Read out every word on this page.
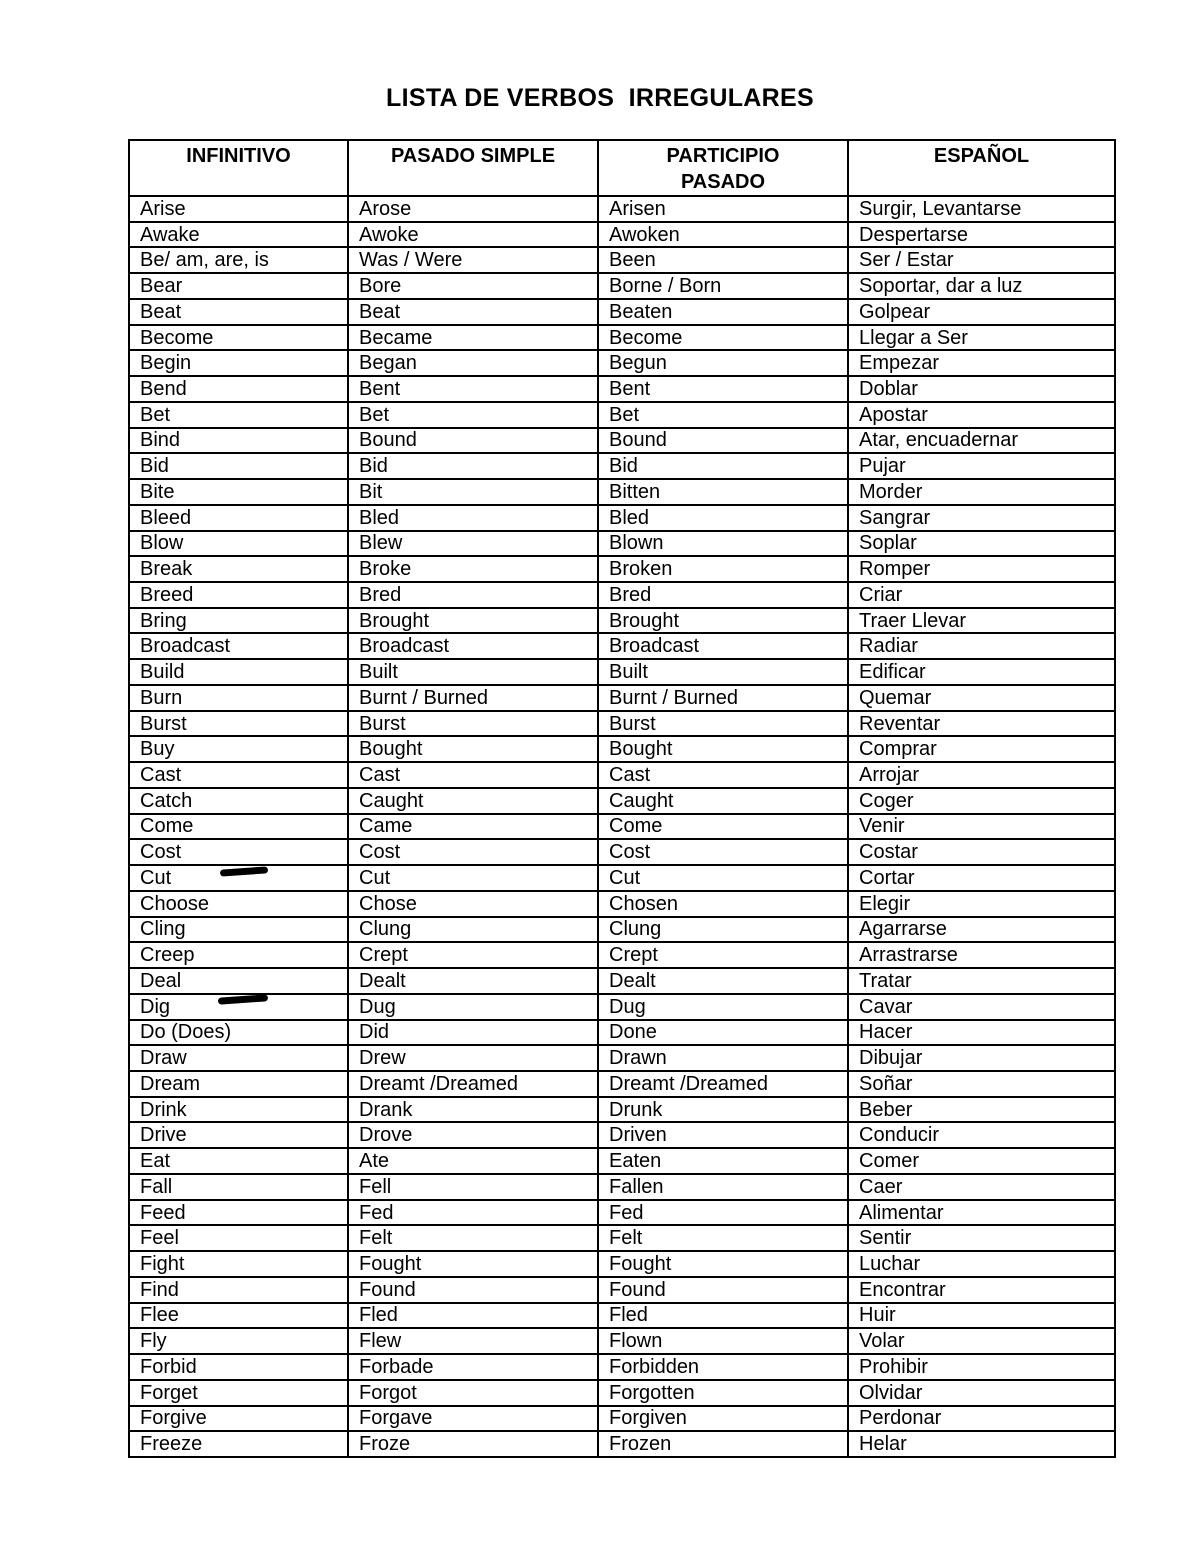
LISTA DE VERBOS  IRREGULARES
INFINITIVO	PASADO SIMPLE	PARTICIPIO PASADO	ESPAÑOL
Arise	Arose	Arisen	Surgir, Levantarse
Awake	Awoke	Awoken	Despertarse
Be/ am, are, is	Was / Were	Been	Ser / Estar
Bear	Bore	Borne / Born	Soportar, dar a luz
Beat	Beat	Beaten	Golpear
Become	Became	Become	Llegar a Ser
Begin	Began	Begun	Empezar
Bend	Bent	Bent	Doblar
Bet	Bet	Bet	Apostar
Bind	Bound	Bound	Atar, encuadernar
Bid	Bid	Bid	Pujar
Bite	Bit	Bitten	Morder
Bleed	Bled	Bled	Sangrar
Blow	Blew	Blown	Soplar
Break	Broke	Broken	Romper
Breed	Bred	Bred	Criar
Bring	Brought	Brought	Traer Llevar
Broadcast	Broadcast	Broadcast	Radiar
Build	Built	Built	Edificar
Burn	Burnt / Burned	Burnt / Burned	Quemar
Burst	Burst	Burst	Reventar
Buy	Bought	Bought	Comprar
Cast	Cast	Cast	Arrojar
Catch	Caught	Caught	Coger
Come	Came	Come	Venir
Cost	Cost	Cost	Costar
Cut	Cut	Cut	Cortar
Choose	Chose	Chosen	Elegir
Cling	Clung	Clung	Agarrarse
Creep	Crept	Crept	Arrastrarse
Deal	Dealt	Dealt	Tratar
Dig	Dug	Dug	Cavar
Do (Does)	Did	Done	Hacer
Draw	Drew	Drawn	Dibujar
Dream	Dreamt /Dreamed	Dreamt /Dreamed	Soñar
Drink	Drank	Drunk	Beber
Drive	Drove	Driven	Conducir
Eat	Ate	Eaten	Comer
Fall	Fell	Fallen	Caer
Feed	Fed	Fed	Alimentar
Feel	Felt	Felt	Sentir
Fight	Fought	Fought	Luchar
Find	Found	Found	Encontrar
Flee	Fled	Fled	Huir
Fly	Flew	Flown	Volar
Forbid	Forbade	Forbidden	Prohibir
Forget	Forgot	Forgotten	Olvidar
Forgive	Forgave	Forgiven	Perdonar
Freeze	Froze	Frozen	Helar
